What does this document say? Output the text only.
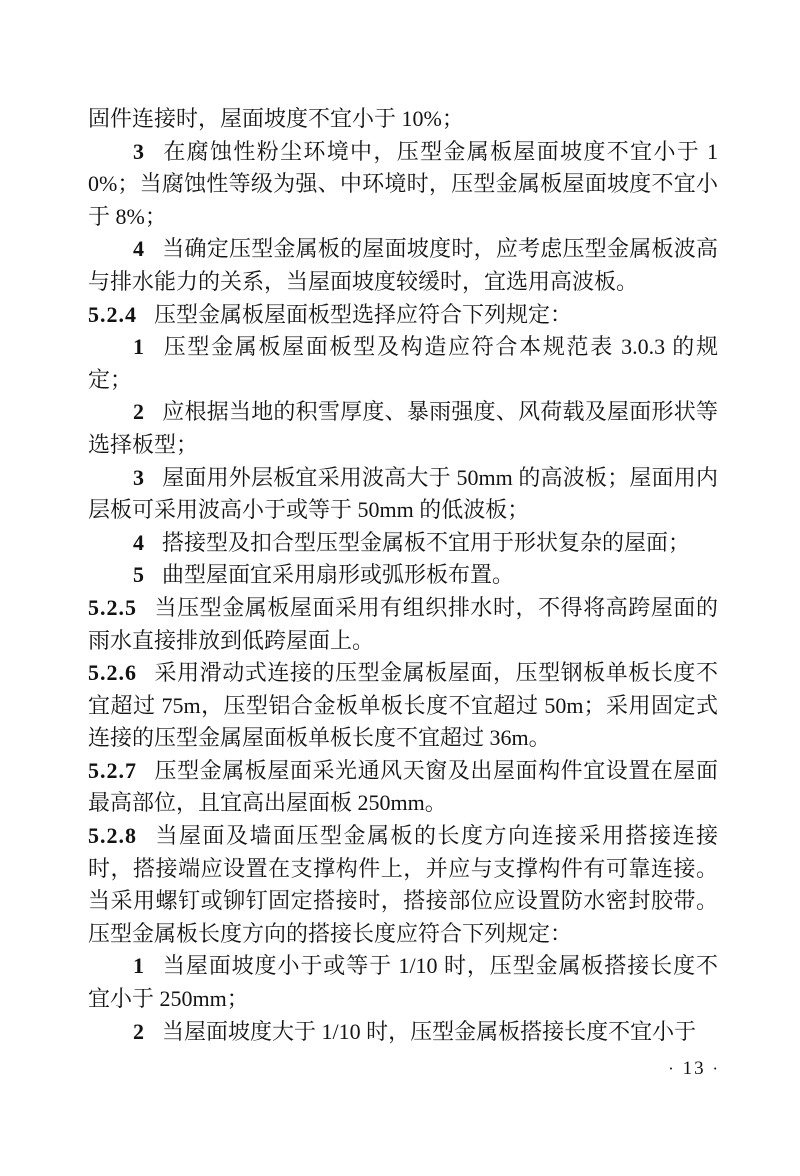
固件连接时，屋面坡度不宜小于 10%；

3 在腐蚀性粉尘环境中，压型金属板屋面坡度不宜小于 10%；当腐蚀性等级为强、中环境时，压型金属板屋面坡度不宜小于 8%；

4 当确定压型金属板的屋面坡度时，应考虑压型金属板波高与排水能力的关系，当屋面坡度较缓时，宜选用高波板。

5.2.4 压型金属板屋面板型选择应符合下列规定：

1 压型金属板屋面板型及构造应符合本规范表 3.0.3 的规定；

2 应根据当地的积雪厚度、暴雨强度、风荷载及屋面形状等选择板型；

3 屋面用外层板宜采用波高大于 50mm 的高波板；屋面用内层板可采用波高小于或等于 50mm 的低波板；

4 搭接型及扣合型压型金属板不宜用于形状复杂的屋面；

5 曲型屋面宜采用扇形或弧形板布置。

5.2.5 当压型金属板屋面采用有组织排水时，不得将高跨屋面的雨水直接排放到低跨屋面上。

5.2.6 采用滑动式连接的压型金属板屋面，压型钢板单板长度不宜超过 75m，压型铝合金板单板长度不宜超过 50m；采用固定式连接的压型金属屋面板单板长度不宜超过 36m。

5.2.7 压型金属板屋面采光通风天窗及出屋面构件宜设置在屋面最高部位，且宜高出屋面板 250mm。

5.2.8 当屋面及墙面压型金属板的长度方向连接采用搭接连接时，搭接端应设置在支撑构件上，并应与支撑构件有可靠连接。当采用螺钉或铆钉固定搭接时，搭接部位应设置防水密封胶带。压型金属板长度方向的搭接长度应符合下列规定：

1 当屋面坡度小于或等于 1/10 时，压型金属板搭接长度不宜小于 250mm；

2 当屋面坡度大于 1/10 时，压型金属板搭接长度不宜小于

· 13 ·
